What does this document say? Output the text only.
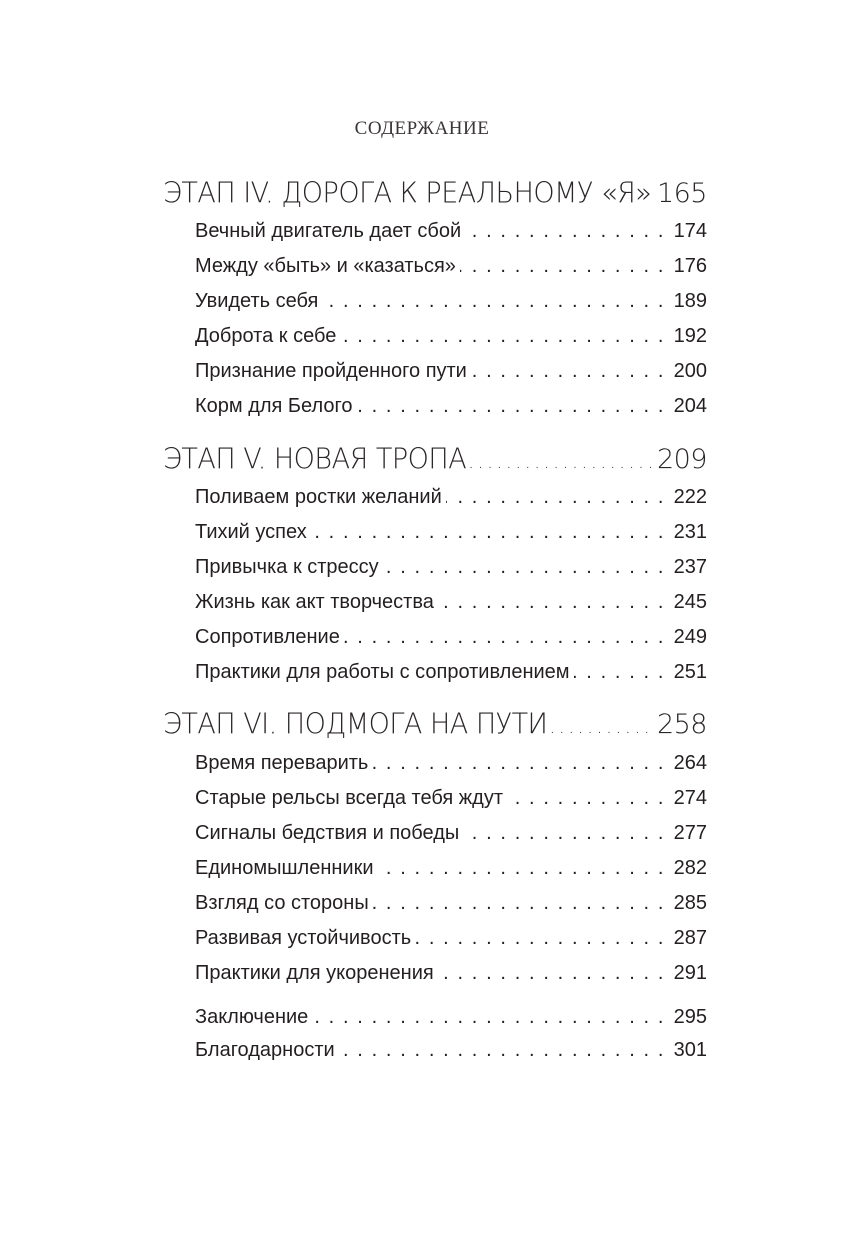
СОДЕРЖАНИЕ
ЭТАП IV. ДОРОГА К РЕАЛЬНОМУ «Я» . . . 165
Вечный двигатель дает сбой . . .	174
Между «быть» и «казаться» . . .	176
Увидеть себя . . .	189
Доброта к себе . . .	192
Признание пройденного пути . . .	200
Корм для Белого . . .	204
ЭТАП V. НОВАЯ ТРОПА . . .	209
Поливаем ростки желаний . . .	222
Тихий успех . . .	231
Привычка к стрессу . . .	237
Жизнь как акт творчества . . .	245
Сопротивление . . .	249
Практики для работы с сопротивлением . . .	251
ЭТАП VI. ПОДМОГА НА ПУТИ . . .	258
Время переварить . . .	264
Старые рельсы всегда тебя ждут . . .	274
Сигналы бедствия и победы . . .	277
Единомышленники . . .	282
Взгляд со стороны . . .	285
Развивая устойчивость . . .	287
Практики для укоренения . . .	291
Заключение . . .	295
Благодарности . . .	301
